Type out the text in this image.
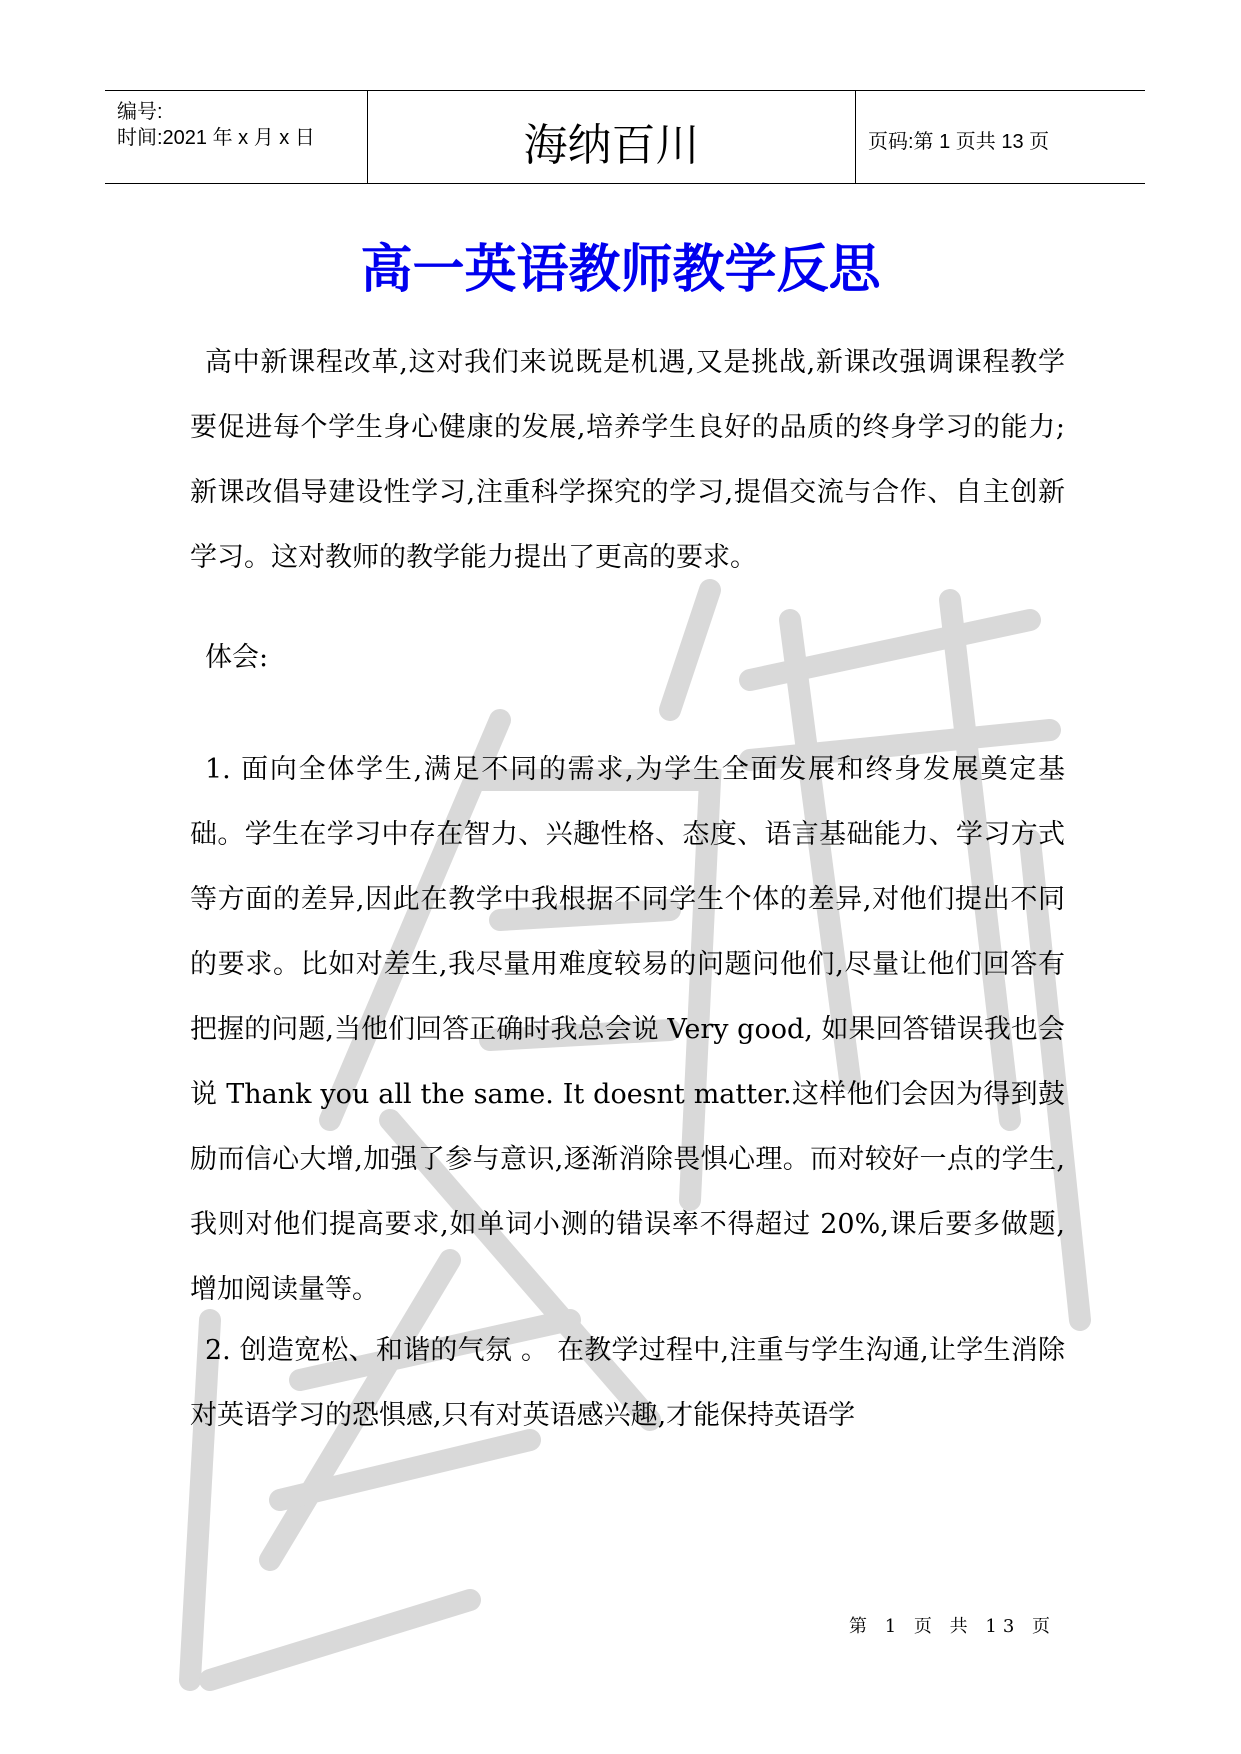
编号:
时间:2021 年 x 月 x 日	海纳百川	页码:第 1 页共 13 页
高一英语教师教学反思

高中新课程改革,这对我们来说既是机遇,又是挑战,新课改强调课程教学要促进每个学生身心健康的发展,培养学生良好的品质的终身学习的能力;新课改倡导建设性学习,注重科学探究的学习,提倡交流与合作、自主创新学习。这对教师的教学能力提出了更高的要求。

体会:

1. 面向全体学生,满足不同的需求,为学生全面发展和终身发展奠定基础。学生在学习中存在智力、兴趣性格、态度、语言基础能力、学习方式等方面的差异,因此在教学中我根据不同学生个体的差异,对他们提出不同的要求。比如对差生,我尽量用难度较易的问题问他们,尽量让他们回答有把握的问题,当他们回答正确时我总会说 Very good, 如果回答错误我也会说 Thank you all the same. It doesnt matter.这样他们会因为得到鼓励而信心大增,加强了参与意识,逐渐消除畏惧心理。而对较好一点的学生,我则对他们提高要求,如单词小测的错误率不得超过 20%,课后要多做题,增加阅读量等。

2. 创造宽松、和谐的气氛 。 在教学过程中,注重与学生沟通,让学生消除对英语学习的恐惧感,只有对英语感兴趣,才能保持英语学

第 1 页 共 13 页
